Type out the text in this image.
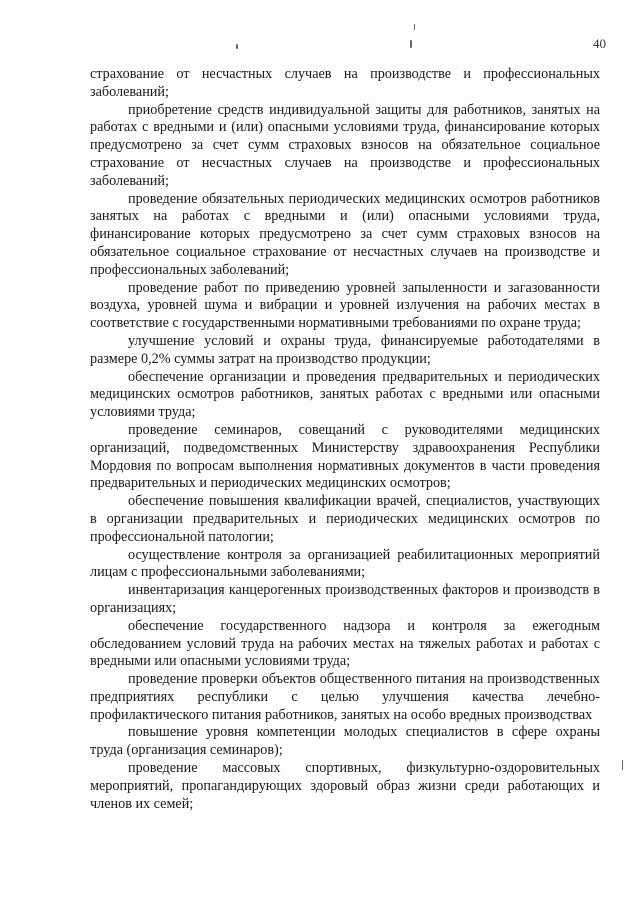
40

страхование от несчастных случаев на производстве и профессиональных заболеваний;

приобретение средств индивидуальной защиты для работников, занятых на работах с вредными и (или) опасными условиями труда, финансирование которых предусмотрено за счет сумм страховых взносов на обязательное социальное страхование от несчастных случаев на производстве и профессиональных заболеваний;

проведение обязательных периодических медицинских осмотров работников занятых на работах с вредными и (или) опасными условиями труда, финансирование которых предусмотрено за счет сумм страховых взносов на обязательное социальное страхование от несчастных случаев на производстве и профессиональных заболеваний;

проведение работ по приведению уровней запыленности и загазованности воздуха, уровней шума и вибрации и уровней излучения на рабочих местах в соответствие с государственными нормативными требованиями по охране труда;

улучшение условий и охраны труда, финансируемые работодателями в размере 0,2% суммы затрат на производство продукции;

обеспечение организации и проведения предварительных и периодических медицинских осмотров работников, занятых работах с вредными или опасными условиями труда;

проведение семинаров, совещаний с руководителями медицинских организаций, подведомственных Министерству здравоохранения Республики Мордовия по вопросам выполнения нормативных документов в части проведения предварительных и периодических медицинских осмотров;

обеспечение повышения квалификации врачей, специалистов, участвующих в организации предварительных и периодических медицинских осмотров по профессиональной патологии;

осуществление контроля за организацией реабилитационных мероприятий лицам с профессиональными заболеваниями;

инвентаризация канцерогенных производственных факторов и производств в организациях;

обеспечение государственного надзора и контроля за ежегодным обследованием условий труда на рабочих местах на тяжелых работах и работах с вредными или опасными условиями труда;

проведение проверки объектов общественного питания на производственных предприятиях республики с целью улучшения качества лечебно-профилактического питания работников, занятых на особо вредных производствах

повышение уровня компетенции молодых специалистов в сфере охраны труда (организация семинаров);

проведение массовых спортивных, физкультурно-оздоровительных мероприятий, пропагандирующих здоровый образ жизни среди работающих и членов их семей;
